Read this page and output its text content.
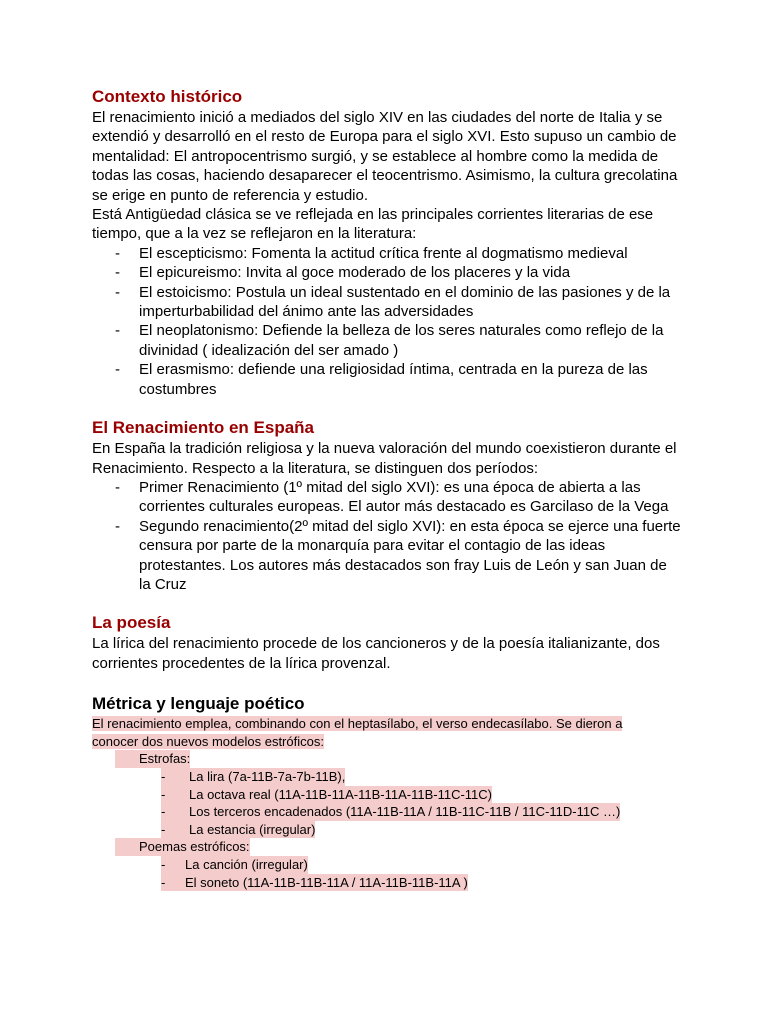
Contexto histórico

El renacimiento inició a mediados del siglo XIV en las ciudades del norte de Italia y se extendió y desarrolló en el resto de Europa para el siglo XVI. Esto supuso un cambio de mentalidad: El antropocentrismo surgió, y se establece al hombre como la medida de todas las cosas, haciendo desaparecer el teocentrismo. Asimismo, la cultura grecolatina se erige en punto de referencia y estudio.

Está Antigüedad clásica se ve reflejada en las principales corrientes literarias de ese tiempo, que a la vez se reflejaron en la literatura:

- El escepticismo: Fomenta la actitud crítica frente al dogmatismo medieval
- El epicureismo: Invita al goce moderado de los placeres y la vida
- El estoicismo: Postula un ideal sustentado en el dominio de las pasiones y de la imperturbabilidad del ánimo ante las adversidades
- El neoplatonismo: Defiende la belleza de los seres naturales como reflejo de la divinidad ( idealización del ser amado )
- El erasmismo: defiende una religiosidad íntima, centrada en la pureza de las costumbres
El Renacimiento en España

En España la tradición religiosa y la nueva valoración del mundo coexistieron durante el Renacimiento. Respecto a la literatura, se distinguen dos períodos:

- Primer Renacimiento (1º mitad del siglo XVI): es una época de abierta a las corrientes culturales europeas. El autor más destacado es Garcilaso de la Vega
- Segundo renacimiento(2º mitad del siglo XVI): en esta época se ejerce una fuerte censura por parte de la monarquía para evitar el contagio de las ideas protestantes. Los autores más destacados son fray Luis de León y san Juan de la Cruz
La poesía

La lírica del renacimiento procede de los cancioneros y de la poesía italianizante, dos corrientes procedentes de la lírica provenzal.

Métrica y lenguaje poético
El renacimiento emplea, combinando con el heptasílabo, el verso endecasílabo. Se dieron a
conocer dos nuevos modelos estróficos:
Estrofas:
-	La lira (7a-11B-7a-7b-11B),
-	La octava real (11A-11B-11A-11B-11A-11B-11C-11C)
-	Los terceros encadenados (11A-11B-11A / 11B-11C-11B / 11C-11D-11C …)
-	La estancia (irregular)
Poemas estróficos:
-	La canción (irregular)
-	El soneto (11A-11B-11B-11A / 11A-11B-11B-11A )
